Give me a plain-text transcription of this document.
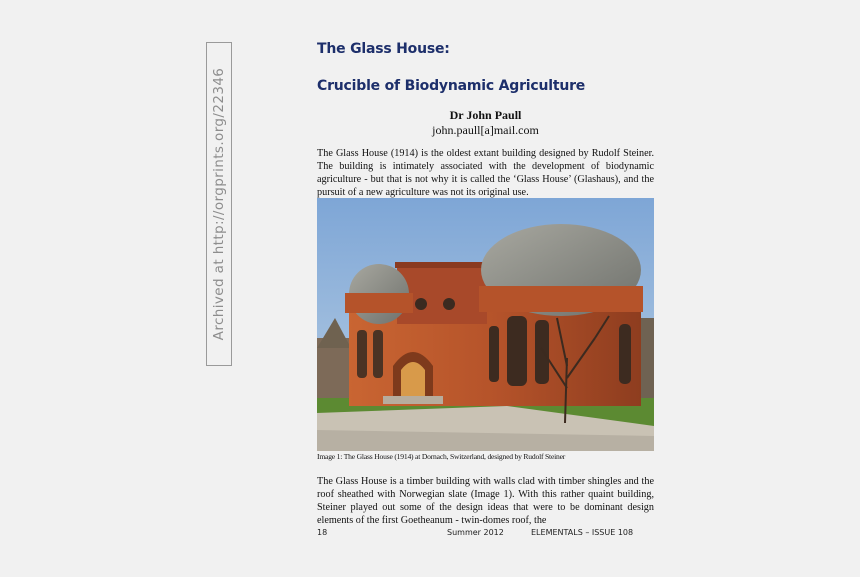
Archived at http://orgprints.org/22346
The Glass House:
Crucible of Biodynamic Agriculture
Dr John Paull
john.paull[a]mail.com

The Glass House (1914) is the oldest extant building designed by Rudolf Steiner. The building is intimately associated with the development of biodynamic agriculture - but that is not why it is called the ‘Glass House’ (Glashaus), and the pursuit of a new agriculture was not its original use.

Image 1: The Glass House (1914) at Dornach, Switzerland, designed by Rudolf Steiner

The Glass House is a timber building with walls clad with timber shingles and the roof sheathed with Norwegian slate (Image 1). With this rather quaint building, Steiner played out some of the design ideas that were to be dominant design elements of the first Goetheanum - twin-domes roof, the

18	Summer 2012	ELEMENTALS – ISSUE 108
